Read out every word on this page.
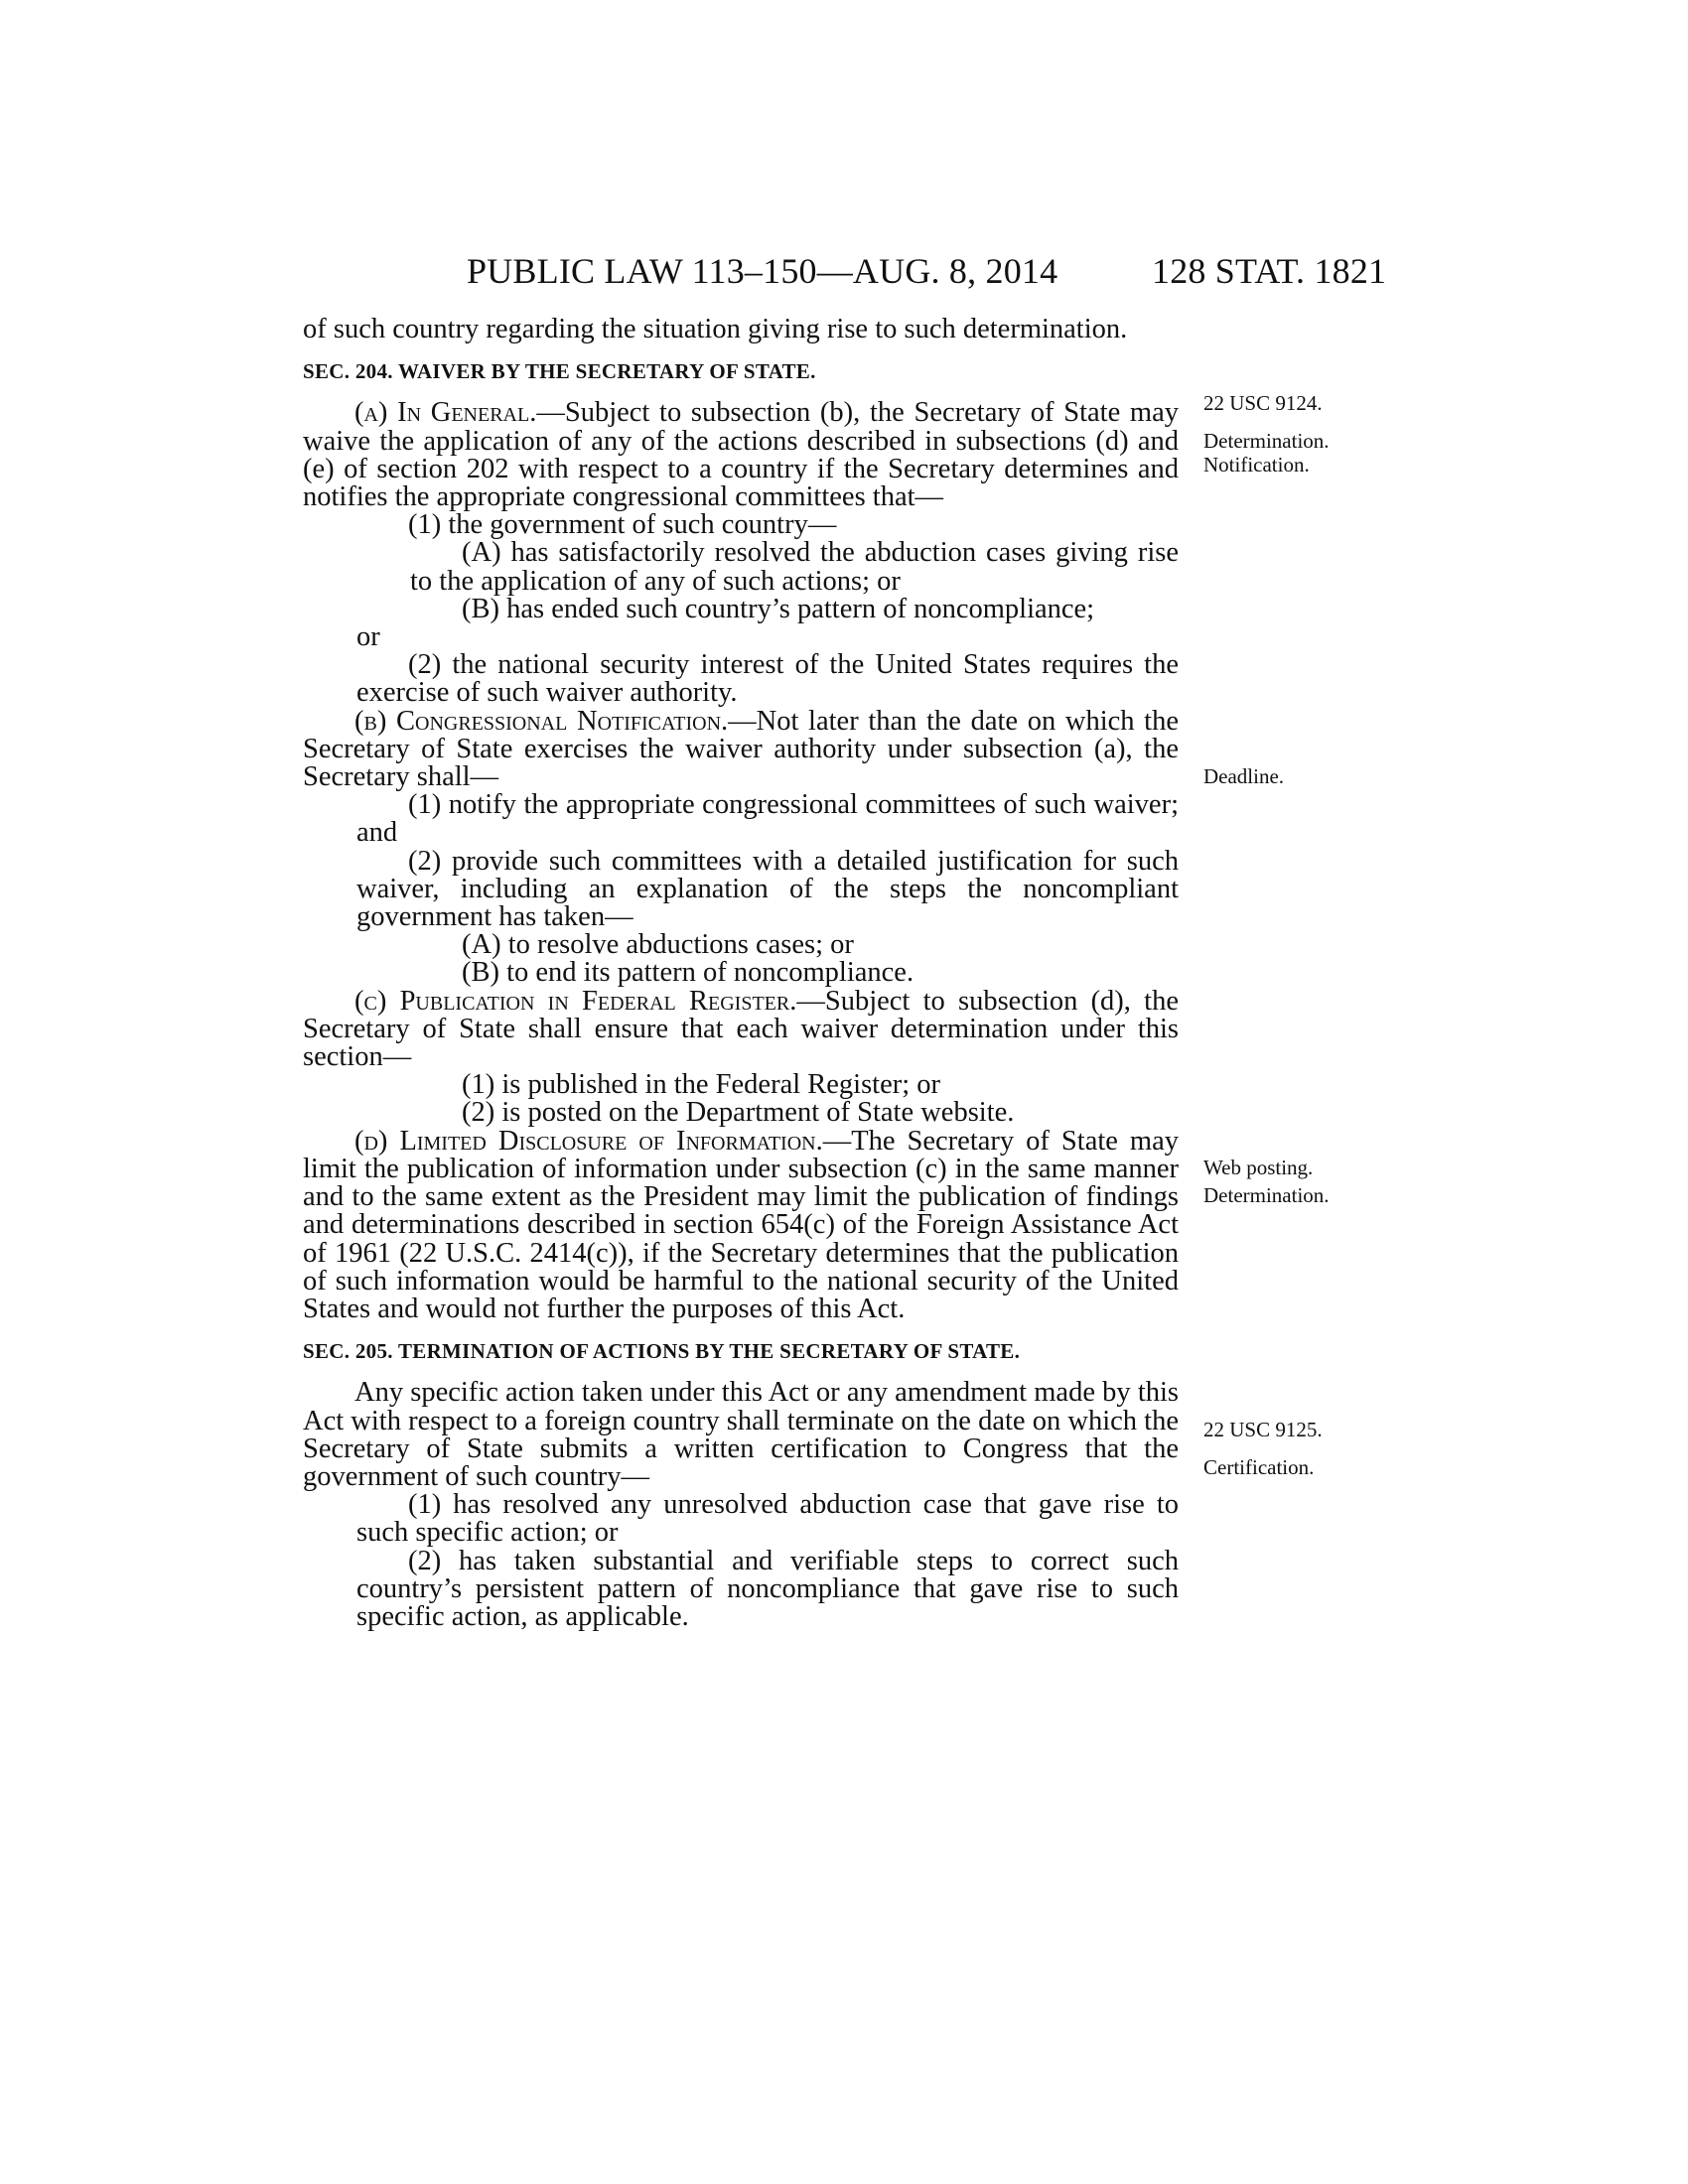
PUBLIC LAW 113–150—AUG. 8, 2014	128 STAT. 1821

of such country regarding the situation giving rise to such determination.

SEC. 204. WAIVER BY THE SECRETARY OF STATE.

(a) In General.—Subject to subsection (b), the Secretary of State may waive the application of any of the actions described in subsections (d) and (e) of section 202 with respect to a country if the Secretary determines and notifies the appropriate congressional committees that—

(1) the government of such country—

(A) has satisfactorily resolved the abduction cases giving rise to the application of any of such actions; or

(B) has ended such country’s pattern of noncompliance;

or

(2) the national security interest of the United States requires the exercise of such waiver authority.

(b) Congressional Notification.—Not later than the date on which the Secretary of State exercises the waiver authority under subsection (a), the Secretary shall—

(1) notify the appropriate congressional committees of such waiver; and

(2) provide such committees with a detailed justification for such waiver, including an explanation of the steps the noncompliant government has taken—

(A) to resolve abductions cases; or

(B) to end its pattern of noncompliance.

(c) Publication in Federal Register.—Subject to subsection (d), the Secretary of State shall ensure that each waiver determination under this section—

(1) is published in the Federal Register; or

(2) is posted on the Department of State website.

(d) Limited Disclosure of Information.—The Secretary of State may limit the publication of information under subsection (c) in the same manner and to the same extent as the President may limit the publication of findings and determinations described in section 654(c) of the Foreign Assistance Act of 1961 (22 U.S.C. 2414(c)), if the Secretary determines that the publication of such information would be harmful to the national security of the United States and would not further the purposes of this Act.

SEC. 205. TERMINATION OF ACTIONS BY THE SECRETARY OF STATE.

Any specific action taken under this Act or any amendment made by this Act with respect to a foreign country shall terminate on the date on which the Secretary of State submits a written certification to Congress that the government of such country—

(1) has resolved any unresolved abduction case that gave rise to such specific action; or

(2) has taken substantial and verifiable steps to correct such country’s persistent pattern of noncompliance that gave rise to such specific action, as applicable.

22 USC 9124.
Determination.
Notification.
Deadline.
Web posting.
Determination.
22 USC 9125.
Certification.
